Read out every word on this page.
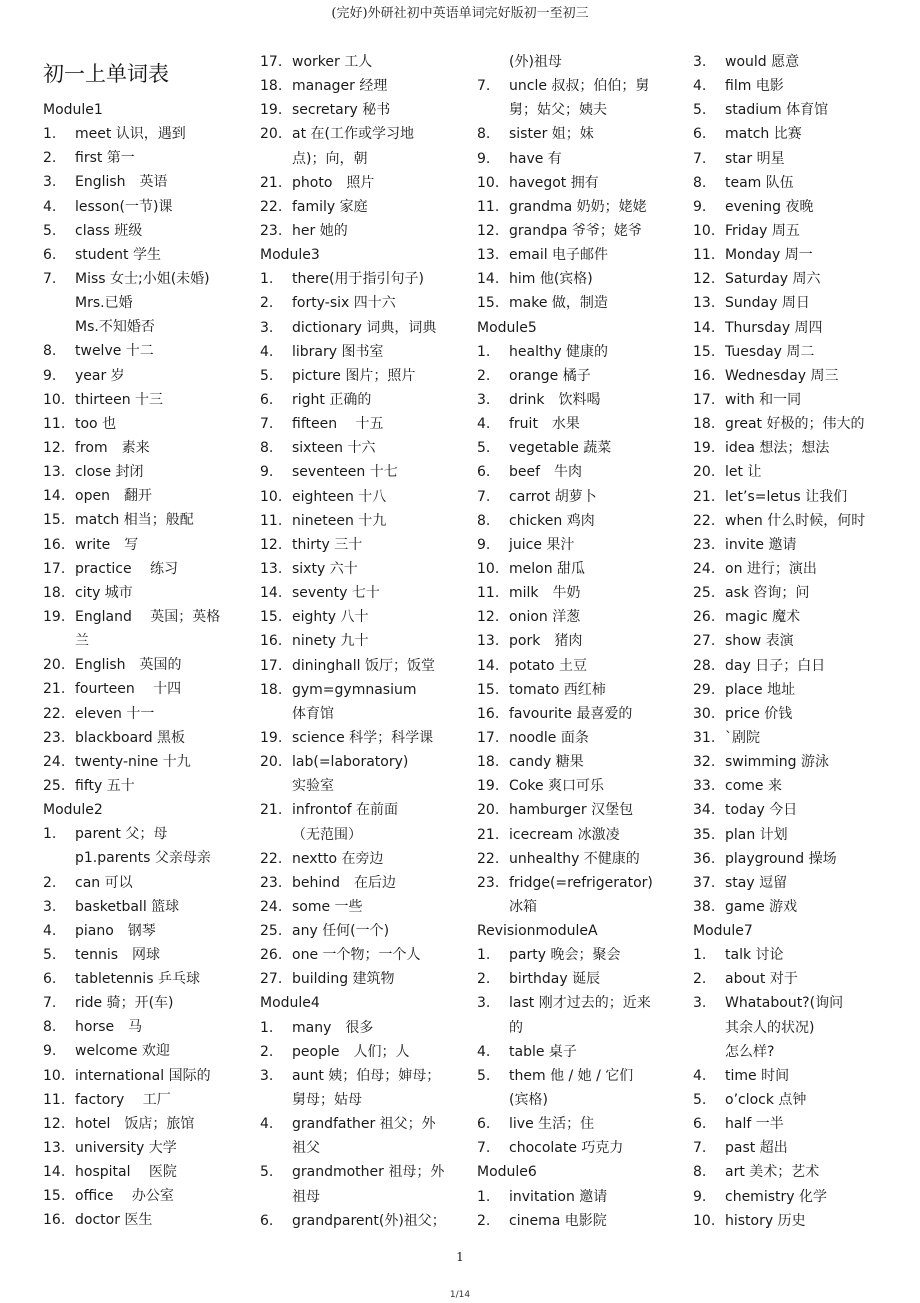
(完好)外研社初中英语单词完好版初一至初三
初一上单词表
Module1
1.	meet 认识，遇到
2.	first 第一
3.	English　英语
4.	lesson(一节)课
5.	class 班级
6.	student 学生
7.	Miss 女士;小姐(未婚)
Mrs.已婚
Ms.不知婚否
8.	twelve 十二
9.	year 岁
10. thirteen 十三
11. too 也
12. from　素来
13. close 封闭
14. open　翻开
15. match 相当；般配
16. write　写
17. practice　 练习
18. city 城市
19. England　 英国；英格
兰
20. English　英国的
21. fourteen　 十四
22. eleven 十一
23. blackboard 黑板
24. twenty-nine 十九
25. fifty 五十
Module2
1.	parent 父；母
p1.parents 父亲母亲
2.	can 可以
3.	basketball 篮球
4.	piano　钢琴
5.	tennis　网球
6.	tabletennis 乒乓球
7.	ride 骑；开(车)
8.	horse　马
9.	welcome 欢迎
10. international 国际的
11. factory　 工厂
12. hotel　饭店；旅馆
13. university 大学
14. hospital　 医院
15. office　 办公室
16. doctor 医生
17. worker 工人
18. manager 经理
19. secretary 秘书
20. at 在(工作或学习地
点)；向，朝
21. photo　照片
22. family 家庭
23. her 她的
Module3
1.	there(用于指引句子)
2.	forty-six 四十六
3.	dictionary 词典，词典
4.	library 图书室
5.	picture 图片；照片
6.	right 正确的
7.	fifteen　 十五
8.	sixteen 十六
9.	seventeen 十七
10. eighteen 十八
11. nineteen 十九
12. thirty 三十
13. sixty 六十
14. seventy 七十
15. eighty 八十
16. ninety 九十
17. dininghall 饭厅；饭堂
18. gym=gymnasium
体育馆
19. science 科学；科学课
20. lab(=laboratory)
实验室
21. infrontof 在前面
（无范围）
22. nextto 在旁边
23. behind　在后边
24. some 一些
25. any 任何(一个)
26. one 一个物；一个人
27. building 建筑物
Module4
1.	many　很多
2.	people　人们；人
3.	aunt 姨；伯母；婶母；
舅母；姑母
4.	grandfather 祖父；外
祖父
5.	grandmother 祖母；外
祖母
6.	grandparent(外)祖父；
(外)祖母
7.	uncle 叔叔；伯伯；舅
舅；姑父；姨夫
8.	sister 姐；妹
9.	have 有
10. havegot 拥有
11. grandma 奶奶；姥姥
12. grandpa 爷爷；姥爷
13. email 电子邮件
14. him 他(宾格)
15. make 做，制造
Module5
1.	healthy 健康的
2.	orange 橘子
3.	drink　饮料喝
4.	fruit　水果
5.	vegetable 蔬菜
6.	beef　牛肉
7.	carrot 胡萝卜
8.	chicken 鸡肉
9.	juice 果汁
10. melon 甜瓜
11. milk　牛奶
12. onion 洋葱
13. pork　猪肉
14. potato 土豆
15. tomato 西红柿
16. favourite 最喜爱的
17. noodle 面条
18. candy 糖果
19. Coke 爽口可乐
20. hamburger 汉堡包
21. icecream 冰激凌
22. unhealthy 不健康的
23. fridge(=refrigerator)
冰箱
RevisionmoduleA
1.	party 晚会；聚会
2.	birthday 诞辰
3.	last 刚才过去的；近来
的
4.	table 桌子
5.	them 他 / 她 / 它们
(宾格)
6.	live 生活；住
7.	chocolate 巧克力
Module6
1.	invitation 邀请
2.	cinema 电影院
3.	would 愿意
4.	film 电影
5.	stadium 体育馆
6.	match 比赛
7.	star 明星
8.	team 队伍
9.	evening 夜晚
10. Friday 周五
11. Monday 周一
12. Saturday 周六
13. Sunday 周日
14. Thursday 周四
15. Tuesday 周二
16. Wednesday 周三
17. with 和一同
18. great 好极的；伟大的
19. idea 想法；想法
20. let 让
21. let’s=letus 让我们
22. when 什么时候，何时
23. invite 邀请
24. on 进行；演出
25. ask 咨询；问
26. magic 魔术
27. show 表演
28. day 日子；白日
29. place 地址
30. price 价钱
31. `剧院
32. swimming 游泳
33. come 来
34. today 今日
35. plan 计划
36. playground 操场
37. stay 逗留
38. game 游戏
Module7
1.	talk 讨论
2.	about 对于
3.	Whatabout?(询问
其余人的状况)
怎么样?
4.	time 时间
5.	o’clock 点钟
6.	half 一半
7.	past 超出
8.	art 美术；艺术
9.	chemistry 化学
10. history 历史
1
1/14
